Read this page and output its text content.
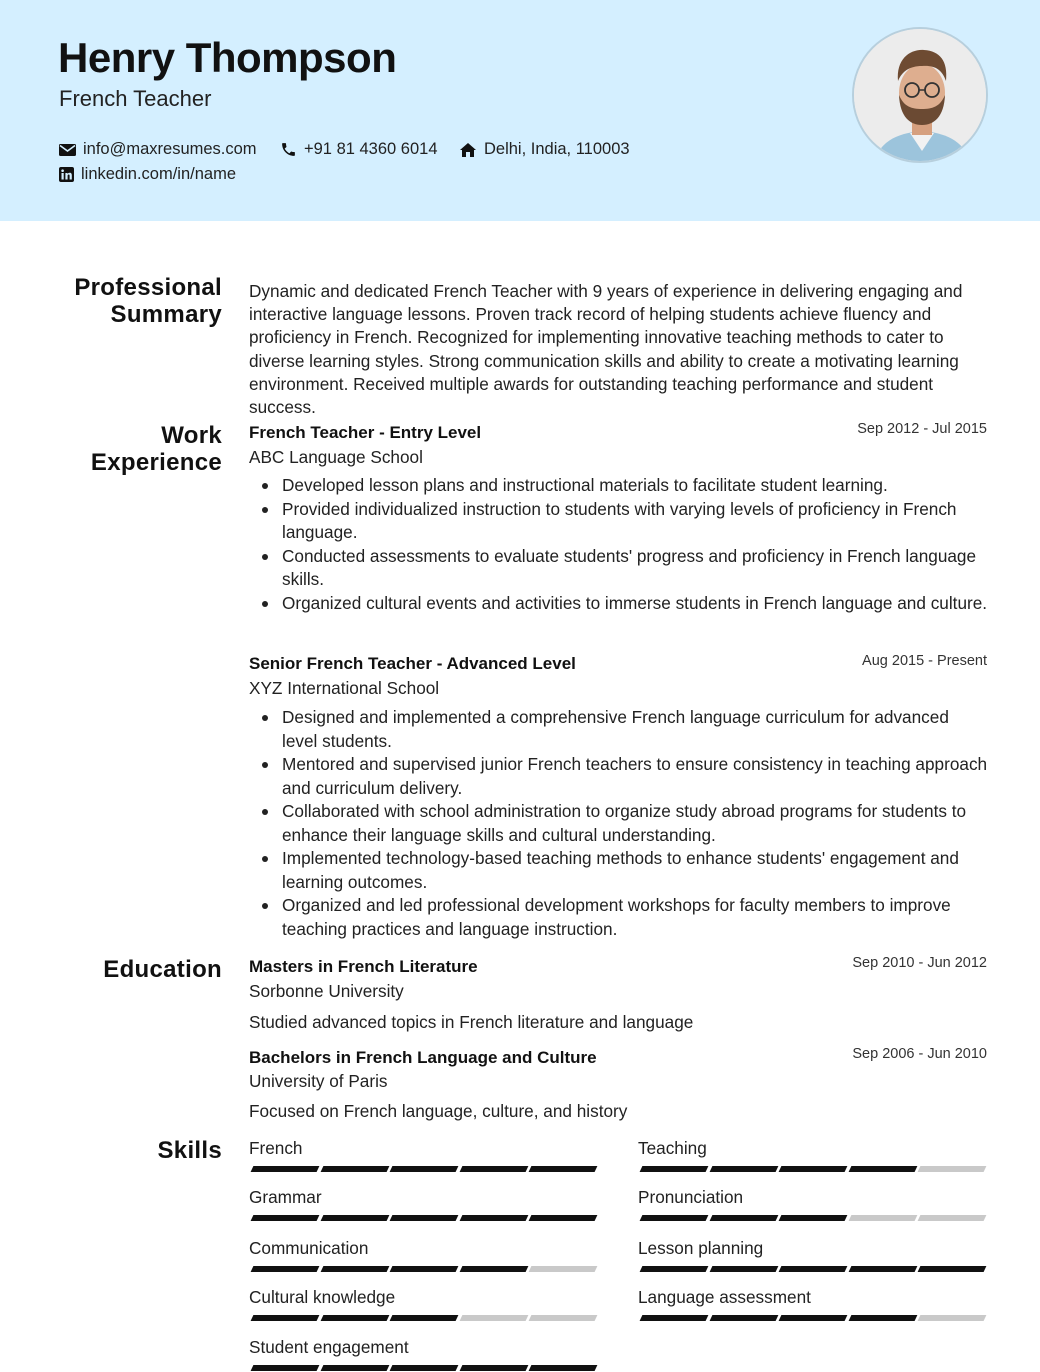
Henry Thompson
French Teacher
info@maxresumes.com	+91 81 4360 6014	Delhi, India, 110003
linkedin.com/in/name
Professional
Summary
Dynamic and dedicated French Teacher with 9 years of experience in delivering engaging and interactive language lessons. Proven track record of helping students achieve fluency and proficiency in French. Recognized for implementing innovative teaching methods to cater to diverse learning styles. Strong communication skills and ability to create a motivating learning environment. Received multiple awards for outstanding teaching performance and student success.
Work
Experience
French Teacher - Entry Level	Sep 2012 - Jul 2015
ABC Language School
Developed lesson plans and instructional materials to facilitate student learning.
Provided individualized instruction to students with varying levels of proficiency in French language.
Conducted assessments to evaluate students' progress and proficiency in French language skills.
Organized cultural events and activities to immerse students in French language and culture.
Senior French Teacher - Advanced Level	Aug 2015 - Present
XYZ International School
Designed and implemented a comprehensive French language curriculum for advanced level students.
Mentored and supervised junior French teachers to ensure consistency in teaching approach and curriculum delivery.
Collaborated with school administration to organize study abroad programs for students to enhance their language skills and cultural understanding.
Implemented technology-based teaching methods to enhance students' engagement and learning outcomes.
Organized and led professional development workshops for faculty members to improve teaching practices and language instruction.
Education Masters in French Literature	Sep 2010 - Jun 2012
Sorbonne University
Studied advanced topics in French literature and language
Bachelors in French Language and Culture	Sep 2006 - Jun 2010
University of Paris
Focused on French language, culture, and history
Skills French	Teaching
Grammar	Pronunciation
Communication	Lesson planning
Cultural knowledge	Language assessment
Student engagement
